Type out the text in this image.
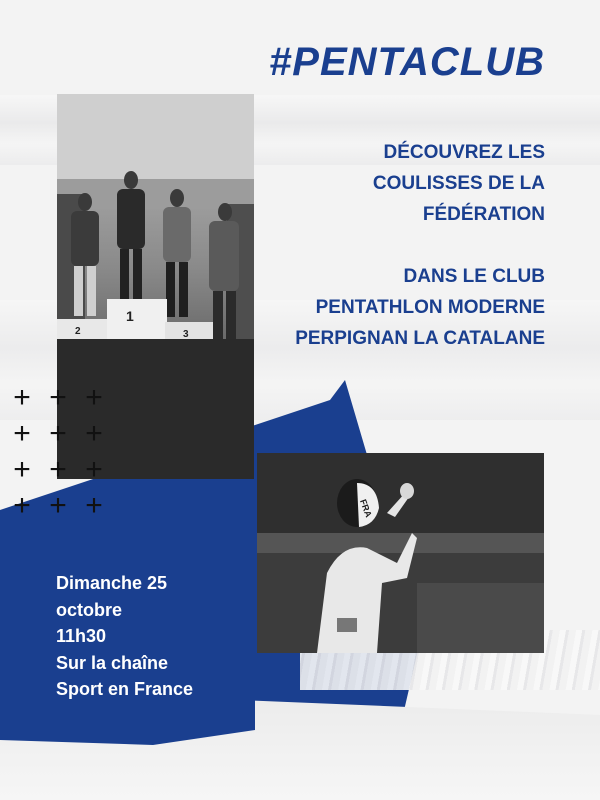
#PENTACLUB

DÉCOUVREZ LES

COULISSES DE LA

FÉDÉRATION

DANS LE CLUB

PENTATHLON MODERNE

PERPIGNAN LA CATALANE

1
2	3
FRA
+ + +
+ + +
+ + +
+ + +
Dimanche 25
octobre
11h30
Sur la chaîne
Sport en France
